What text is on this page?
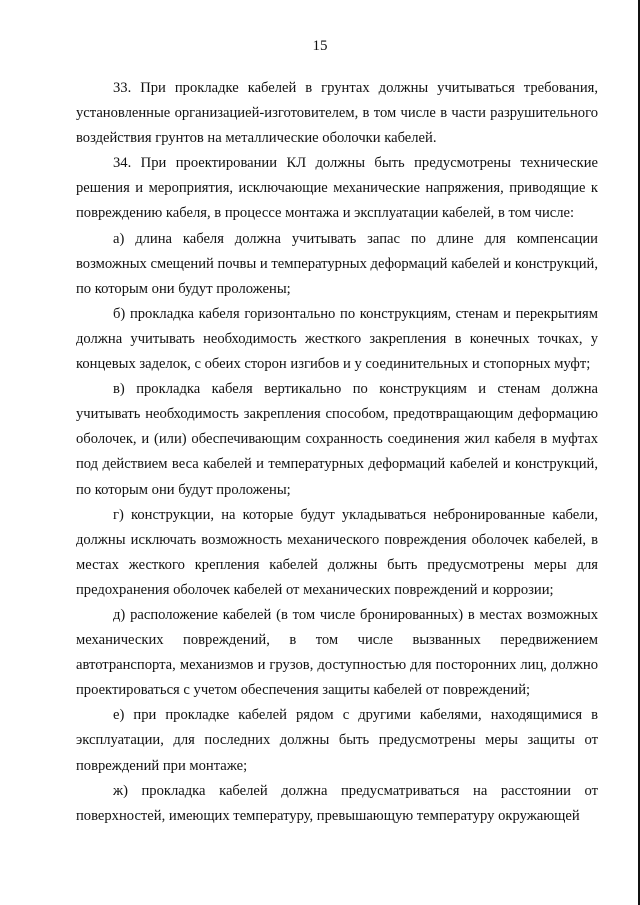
15

33. При прокладке кабелей в грунтах должны учитываться требования, установленные организацией-изготовителем, в том числе в части разрушительного воздействия грунтов на металлические оболочки кабелей.

34. При проектировании КЛ должны быть предусмотрены технические решения и мероприятия, исключающие механические напряжения, приводящие к повреждению кабеля, в процессе монтажа и эксплуатации кабелей, в том числе:

а) длина кабеля должна учитывать запас по длине для компенсации возможных смещений почвы и температурных деформаций кабелей и конструкций, по которым они будут проложены;

б) прокладка кабеля горизонтально по конструкциям, стенам и перекрытиям должна учитывать необходимость жесткого закрепления в конечных точках, у концевых заделок, с обеих сторон изгибов и у соединительных и стопорных муфт;

в) прокладка кабеля вертикально по конструкциям и стенам должна учитывать необходимость закрепления способом, предотвращающим деформацию оболочек, и (или) обеспечивающим сохранность соединения жил кабеля в муфтах под действием веса кабелей и температурных деформаций кабелей и конструкций, по которым они будут проложены;

г) конструкции, на которые будут укладываться небронированные кабели, должны исключать возможность механического повреждения оболочек кабелей, в местах жесткого крепления кабелей должны быть предусмотрены меры для предохранения оболочек кабелей от механических повреждений и коррозии;

д) расположение кабелей (в том числе бронированных) в местах возможных механических повреждений, в том числе вызванных передвижением автотранспорта, механизмов и грузов, доступностью для посторонних лиц, должно проектироваться с учетом обеспечения защиты кабелей от повреждений;

е) при прокладке кабелей рядом с другими кабелями, находящимися в эксплуатации, для последних должны быть предусмотрены меры защиты от повреждений при монтаже;

ж) прокладка кабелей должна предусматриваться на расстоянии от поверхностей, имеющих температуру, превышающую температуру окружающей
